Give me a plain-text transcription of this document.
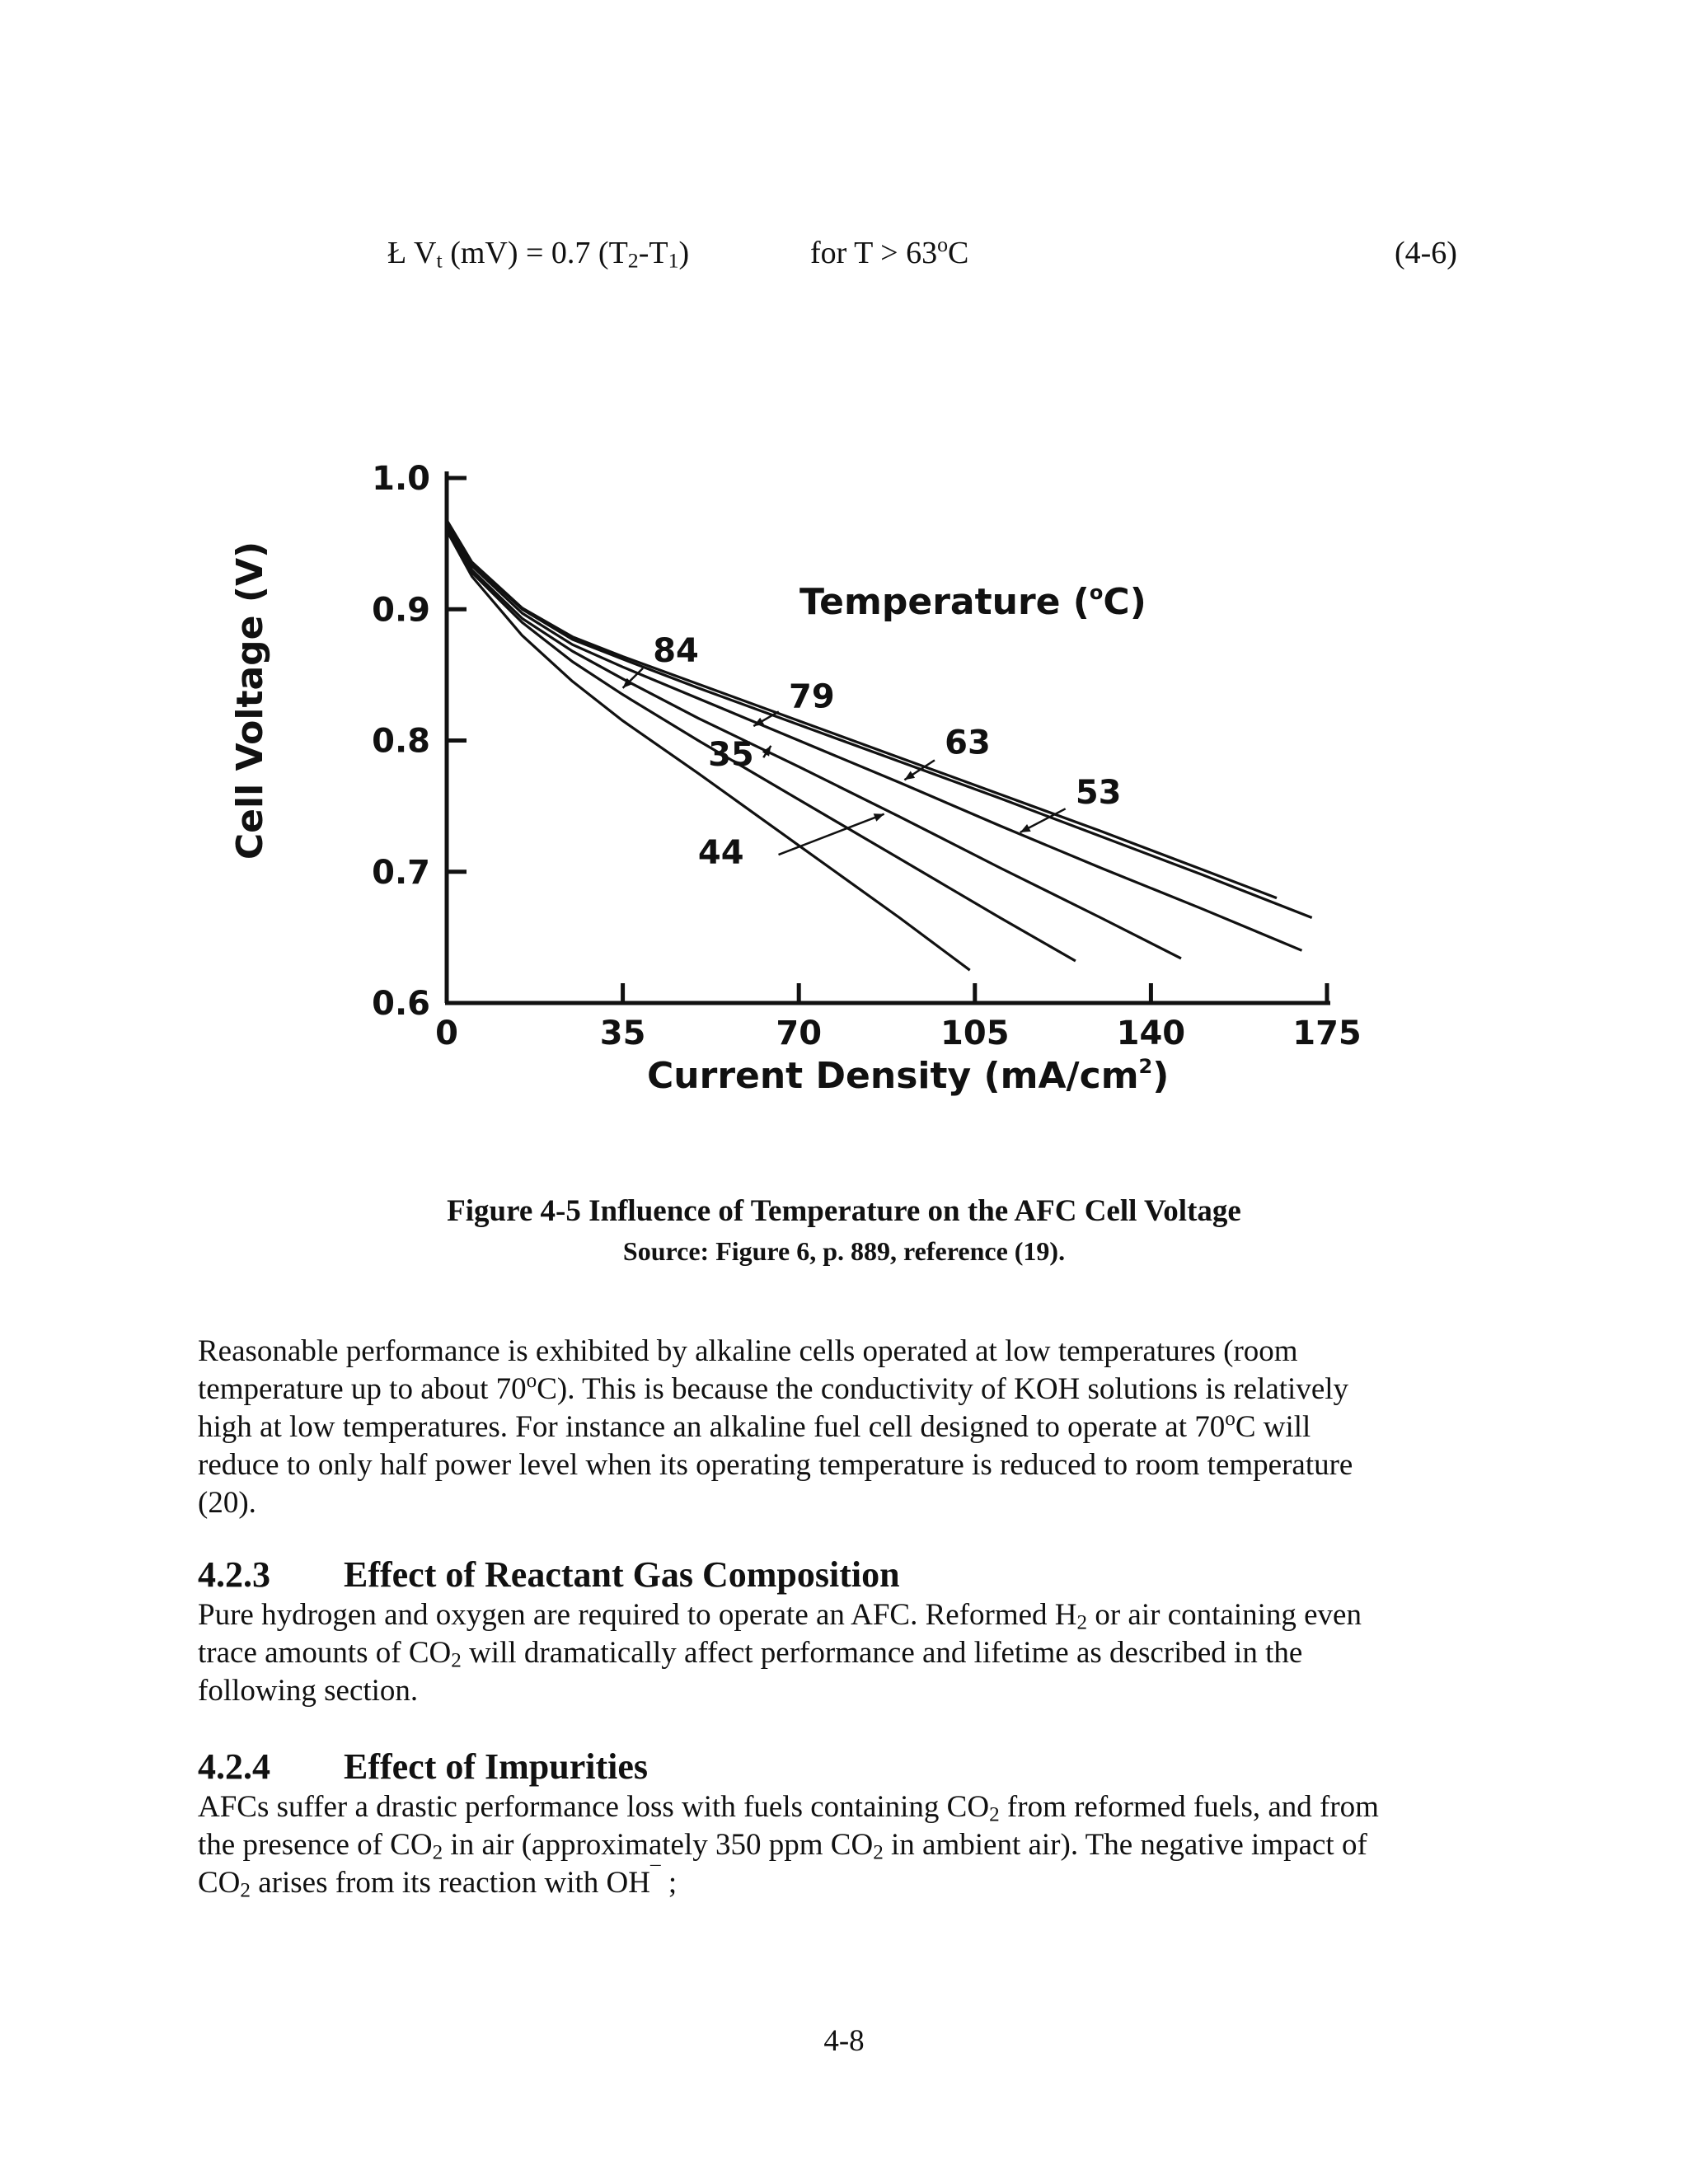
Ł $V_t$ (mV) = 0.7 $(T_2-T_1)$	for $T > 63^oC$	(4-6)
1.0
0.9
0.8
0.7
0.6
0	35	70	105	140	175
84
79
63
53
35
44
Temperature ($^o$C)
Current Density $(mA/cm^2)$
Cell Voltage (V)
Figure 4-5 Influence of Temperature on the AFC Cell Voltage
Source: Figure 6, p. 889, reference (19).
Reasonable performance is exhibited by alkaline cells operated at low temperatures (room
temperature up to about 70$^o$C). This is because the conductivity of KOH solutions is relatively
high at low temperatures. For instance an alkaline fuel cell designed to operate at 70$^o$C will
reduce to only half power level when its operating temperature is reduced to room temperature
(20).
4.2.3 Effect of Reactant Gas Composition
Pure hydrogen and oxygen are required to operate an AFC. Reformed $H_2$ or air containing even
trace amounts of $CO_2$ will dramatically affect performance and lifetime as described in the
following section.
4.2.4 Effect of Impurities
AFCs suffer a drastic performance loss with fuels containing $CO_2$ from reformed fuels, and from
the presence of $CO_2$ in air (approximately 350 ppm $CO_2$ in ambient air). The negative impact of
$CO_2$ arises from its reaction with OH¯ ;
4-8
